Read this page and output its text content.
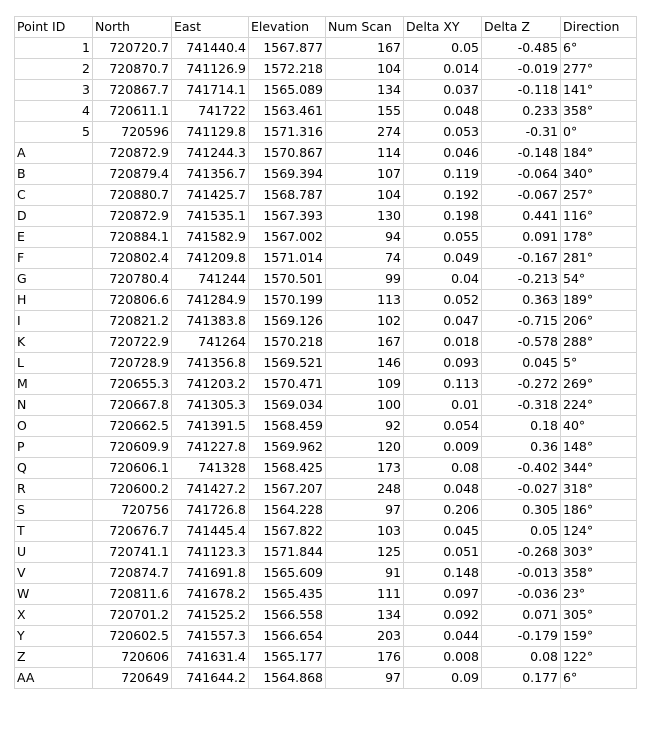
Point ID	North	East	Elevation	Num Scan	Delta XY	Delta Z	Direction
1	720720.7	741440.4	1567.877	167	0.05	-0.485	6°
2	720870.7	741126.9	1572.218	104	0.014	-0.019	277°
3	720867.7	741714.1	1565.089	134	0.037	-0.118	141°
4	720611.1	741722	1563.461	155	0.048	0.233	358°
5	720596	741129.8	1571.316	274	0.053	-0.31	0°
A	720872.9	741244.3	1570.867	114	0.046	-0.148	184°
B	720879.4	741356.7	1569.394	107	0.119	-0.064	340°
C	720880.7	741425.7	1568.787	104	0.192	-0.067	257°
D	720872.9	741535.1	1567.393	130	0.198	0.441	116°
E	720884.1	741582.9	1567.002	94	0.055	0.091	178°
F	720802.4	741209.8	1571.014	74	0.049	-0.167	281°
G	720780.4	741244	1570.501	99	0.04	-0.213	54°
H	720806.6	741284.9	1570.199	113	0.052	0.363	189°
I	720821.2	741383.8	1569.126	102	0.047	-0.715	206°
K	720722.9	741264	1570.218	167	0.018	-0.578	288°
L	720728.9	741356.8	1569.521	146	0.093	0.045	5°
M	720655.3	741203.2	1570.471	109	0.113	-0.272	269°
N	720667.8	741305.3	1569.034	100	0.01	-0.318	224°
O	720662.5	741391.5	1568.459	92	0.054	0.18	40°
P	720609.9	741227.8	1569.962	120	0.009	0.36	148°
Q	720606.1	741328	1568.425	173	0.08	-0.402	344°
R	720600.2	741427.2	1567.207	248	0.048	-0.027	318°
S	720756	741726.8	1564.228	97	0.206	0.305	186°
T	720676.7	741445.4	1567.822	103	0.045	0.05	124°
U	720741.1	741123.3	1571.844	125	0.051	-0.268	303°
V	720874.7	741691.8	1565.609	91	0.148	-0.013	358°
W	720811.6	741678.2	1565.435	111	0.097	-0.036	23°
X	720701.2	741525.2	1566.558	134	0.092	0.071	305°
Y	720602.5	741557.3	1566.654	203	0.044	-0.179	159°
Z	720606	741631.4	1565.177	176	0.008	0.08	122°
AA	720649	741644.2	1564.868	97	0.09	0.177	6°
